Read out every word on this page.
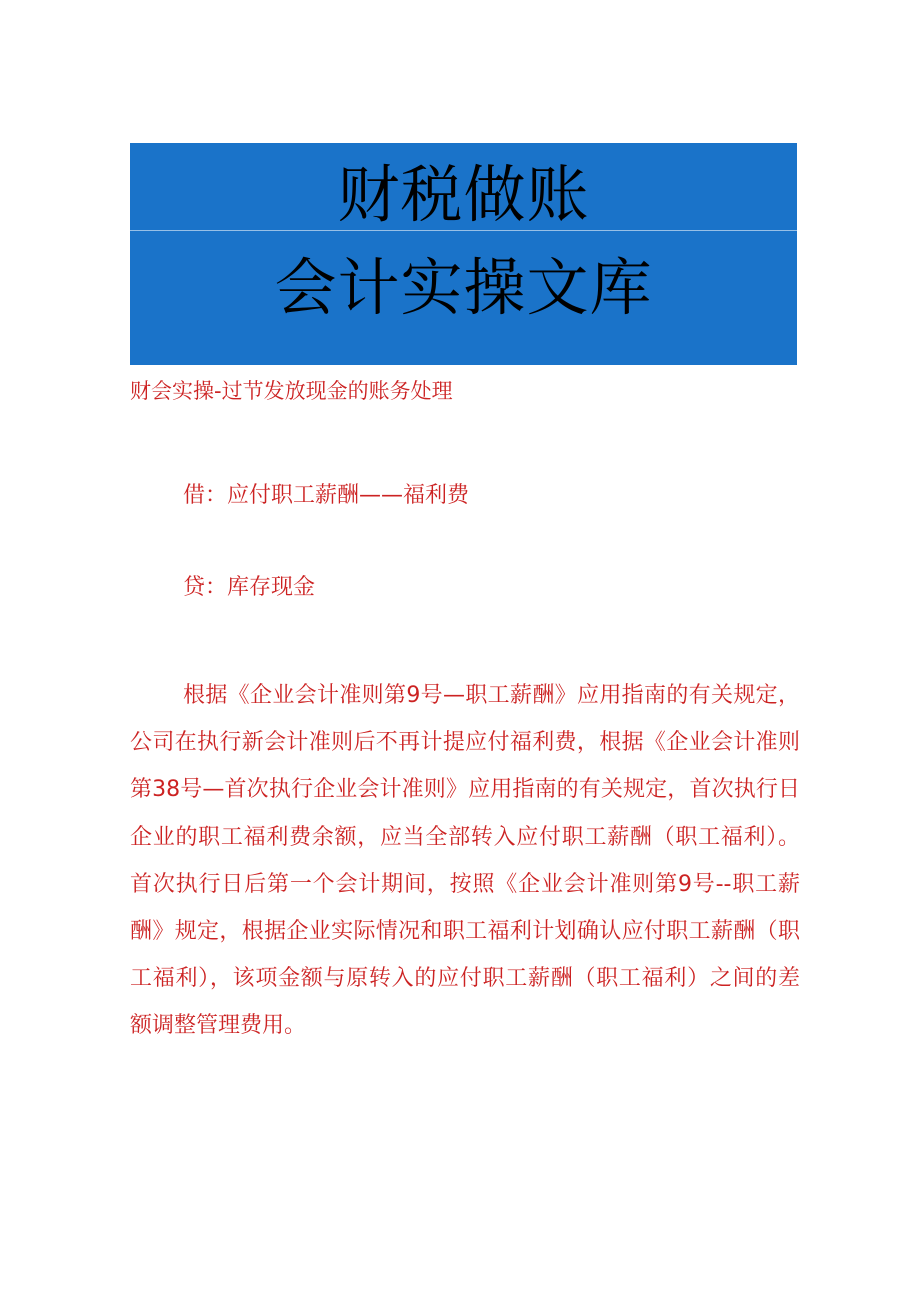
财税做账
会计实操文库
财会实操-过节发放现金的账务处理
借：应付职工薪酬——福利费
贷：库存现金

根据《企业会计准则第9号—职工薪酬》应用指南的有关规定，公司在执行新会计准则后不再计提应付福利费，根据《企业会计准则第38号—首次执行企业会计准则》应用指南的有关规定，首次执行日企业的职工福利费余额，应当全部转入应付职工薪酬（职工福利）。首次执行日后第一个会计期间，按照《企业会计准则第9号--职工薪酬》规定，根据企业实际情况和职工福利计划确认应付职工薪酬（职工福利），该项金额与原转入的应付职工薪酬（职工福利）之间的差额调整管理费用。
